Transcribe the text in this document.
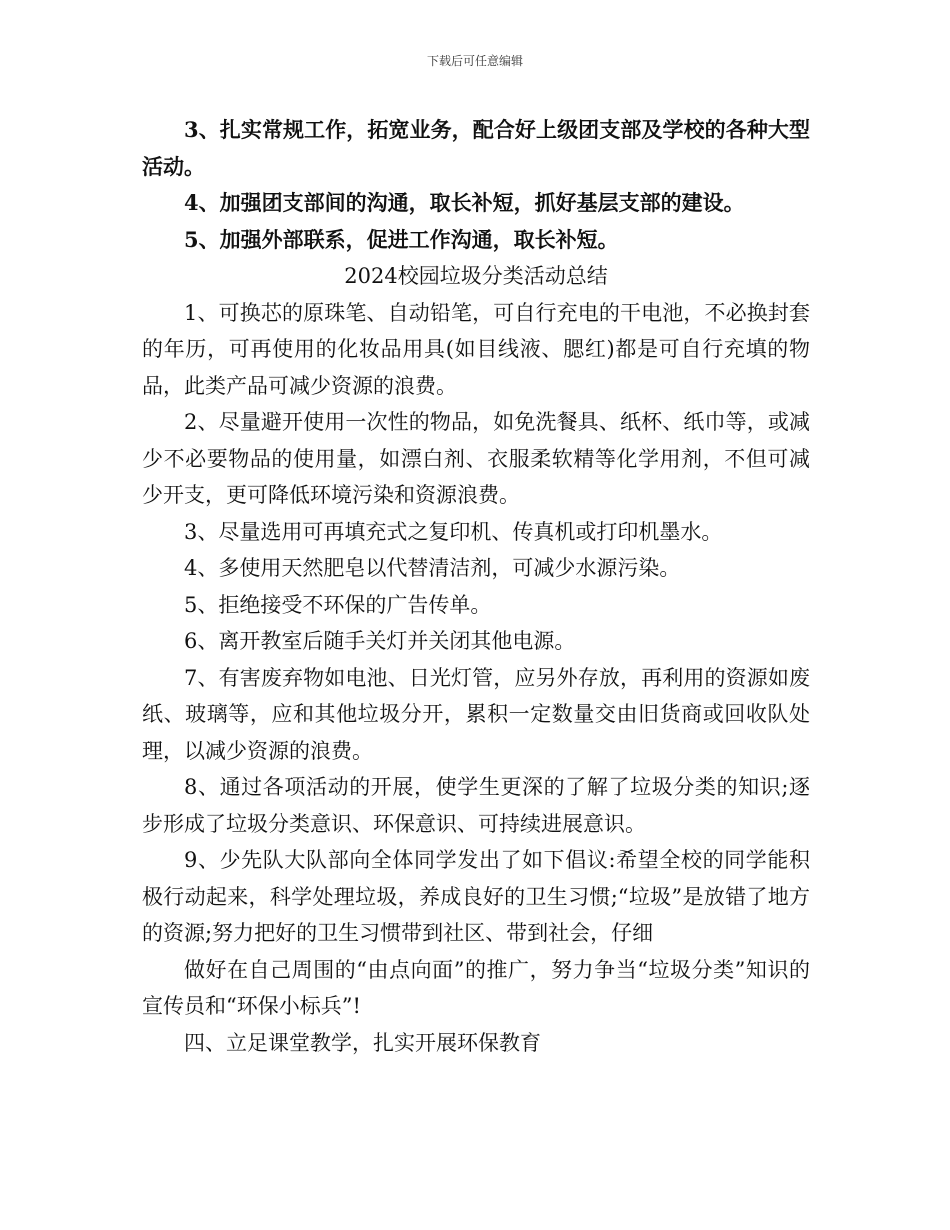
下载后可任意编辑

3、扎实常规工作，拓宽业务，配合好上级团支部及学校的各种大型活动。

4、加强团支部间的沟通，取长补短，抓好基层支部的建设。

5、加强外部联系，促进工作沟通，取长补短。

2024校园垃圾分类活动总结

1、可换芯的原珠笔、自动铅笔，可自行充电的干电池，不必换封套的年历，可再使用的化妆品用具(如目线液、腮红)都是可自行充填的物品，此类产品可减少资源的浪费。

2、尽量避开使用一次性的物品，如免洗餐具、纸杯、纸巾等，或减少不必要物品的使用量，如漂白剂、衣服柔软精等化学用剂，不但可减少开支，更可降低环境污染和资源浪费。

3、尽量选用可再填充式之复印机、传真机或打印机墨水。

4、多使用天然肥皂以代替清洁剂，可减少水源污染。

5、拒绝接受不环保的广告传单。

6、离开教室后随手关灯并关闭其他电源。

7、有害废弃物如电池、日光灯管，应另外存放，再利用的资源如废纸、玻璃等，应和其他垃圾分开，累积一定数量交由旧货商或回收队处理，以减少资源的浪费。

8、通过各项活动的开展，使学生更深的了解了垃圾分类的知识;逐步形成了垃圾分类意识、环保意识、可持续进展意识。

9、少先队大队部向全体同学发出了如下倡议:希望全校的同学能积极行动起来，科学处理垃圾，养成良好的卫生习惯;“垃圾”是放错了地方的资源;努力把好的卫生习惯带到社区、带到社会，仔细

做好在自己周围的“由点向面”的推广，努力争当“垃圾分类”知识的宣传员和“环保小标兵”!

四、立足课堂教学，扎实开展环保教育
